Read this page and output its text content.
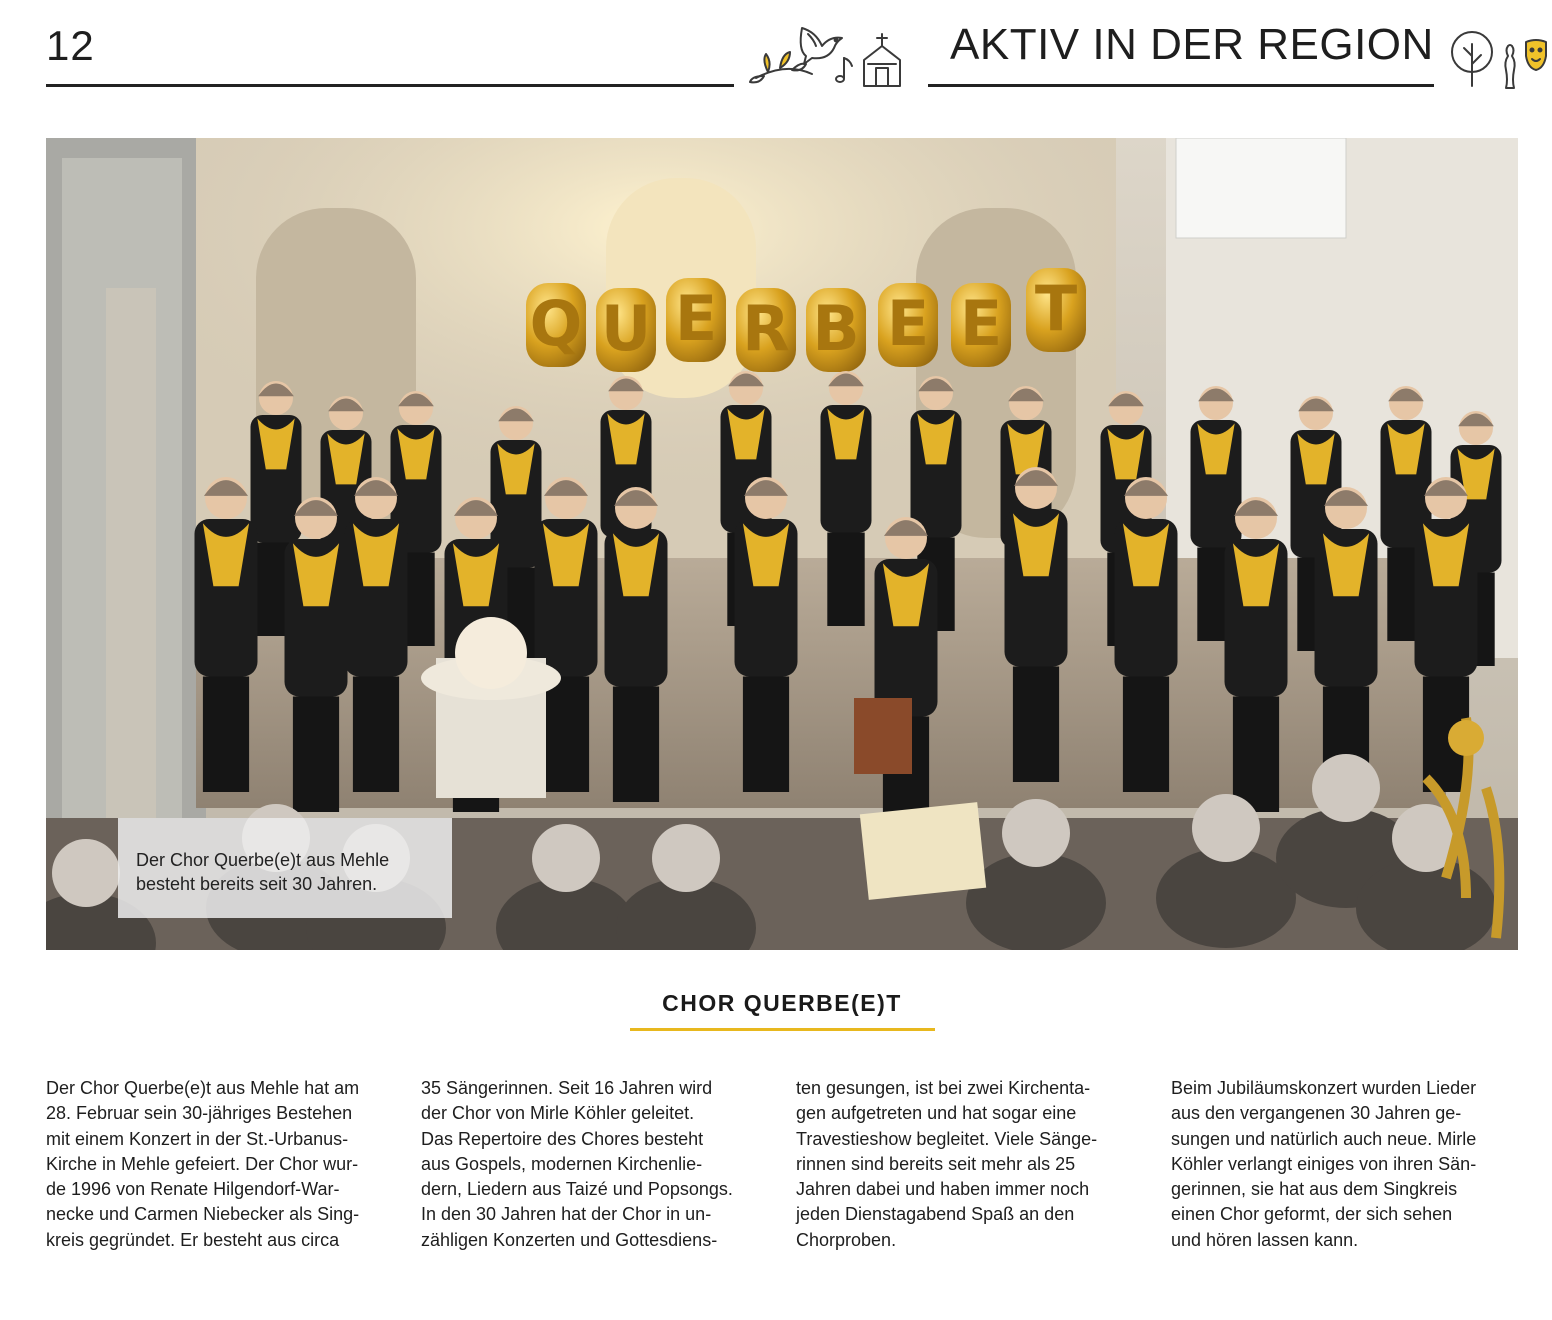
12	AKTIV IN DER REGION
Q U E R B E E T
Der Chor Querbe(e)t aus Mehle
besteht bereits seit 30 Jahren.
CHOR QUERBE(E)T

Der Chor Querbe(e)t aus Mehle hat am
28. Februar sein 30-jähriges Bestehen
mit einem Konzert in der St.-Urbanus-
Kirche in Mehle gefeiert. Der Chor wur-
de 1996 von Renate Hilgendorf-War-
necke und Carmen Niebecker als Sing-
kreis gegründet. Er besteht aus circa

35 Sängerinnen. Seit 16 Jahren wird
der Chor von Mirle Köhler geleitet.
Das Repertoire des Chores besteht
aus Gospels, modernen Kirchenlie-
dern, Liedern aus Taizé und Popsongs.
In den 30 Jahren hat der Chor in un-
zähligen Konzerten und Gottesdiens-

ten gesungen, ist bei zwei Kirchenta-
gen aufgetreten und hat sogar eine
Travestieshow begleitet. Viele Sänge-
rinnen sind bereits seit mehr als 25
Jahren dabei und haben immer noch
jeden Dienstagabend Spaß an den
Chorproben.

Beim Jubiläumskonzert wurden Lieder
aus den vergangenen 30 Jahren ge-
sungen und natürlich auch neue. Mirle
Köhler verlangt einiges von ihren Sän-
gerinnen, sie hat aus dem Singkreis
einen Chor geformt, der sich sehen
und hören lassen kann.
